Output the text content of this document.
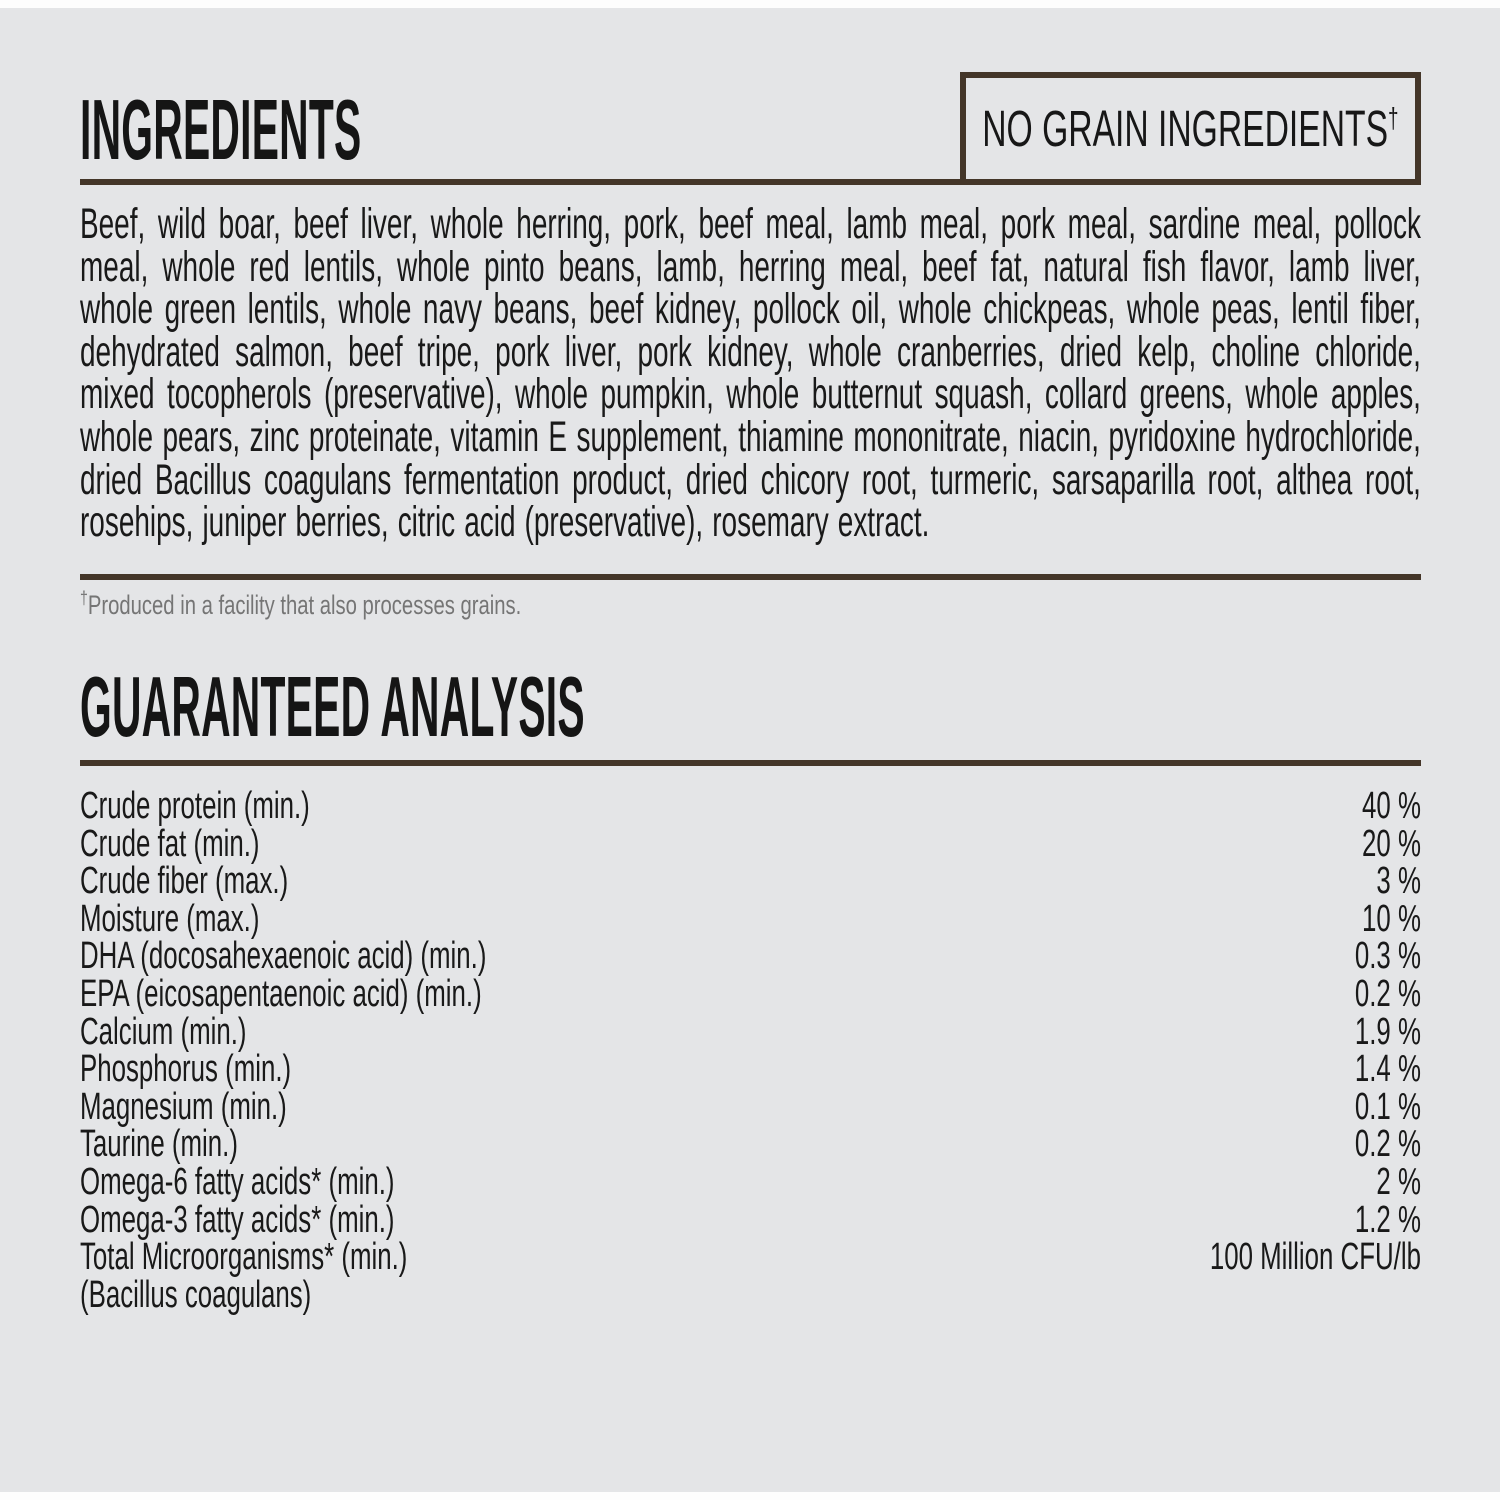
INGREDIENTS	NO GRAIN INGREDIENTS†
Beef, wild boar, beef liver, whole herring, pork, beef meal, lamb meal, pork meal, sardine meal, pollock meal, whole red lentils, whole pinto beans, lamb, herring meal, beef fat, natural fish flavor, lamb liver, whole green lentils, whole navy beans, beef kidney, pollock oil, whole chickpeas, whole peas, lentil fiber, dehydrated salmon, beef tripe, pork liver, pork kidney, whole cranberries, dried kelp, choline chloride, mixed tocopherols (preservative), whole pumpkin, whole butternut squash, collard greens, whole apples, whole pears, zinc proteinate, vitamin E supplement, thiamine mononitrate, niacin, pyridoxine hydrochloride, dried Bacillus coagulans fermentation product, dried chicory root, turmeric, sarsaparilla root, althea root, rosehips, juniper berries, citric acid (preservative), rosemary extract.
†Produced in a facility that also processes grains.
GUARANTEED ANALYSIS
Crude protein (min.)	40 %
Crude fat (min.)	20 %
Crude fiber (max.)	3 %
Moisture (max.)	10 %
DHA (docosahexaenoic acid) (min.)	0.3 %
EPA (eicosapentaenoic acid) (min.)	0.2 %
Calcium (min.)	1.9 %
Phosphorus (min.)	1.4 %
Magnesium (min.)	0.1 %
Taurine (min.)	0.2 %
Omega-6 fatty acids* (min.)	2 %
Omega-3 fatty acids* (min.)	1.2 %
Total Microorganisms* (min.)	100 Million CFU/lb
(Bacillus coagulans)
